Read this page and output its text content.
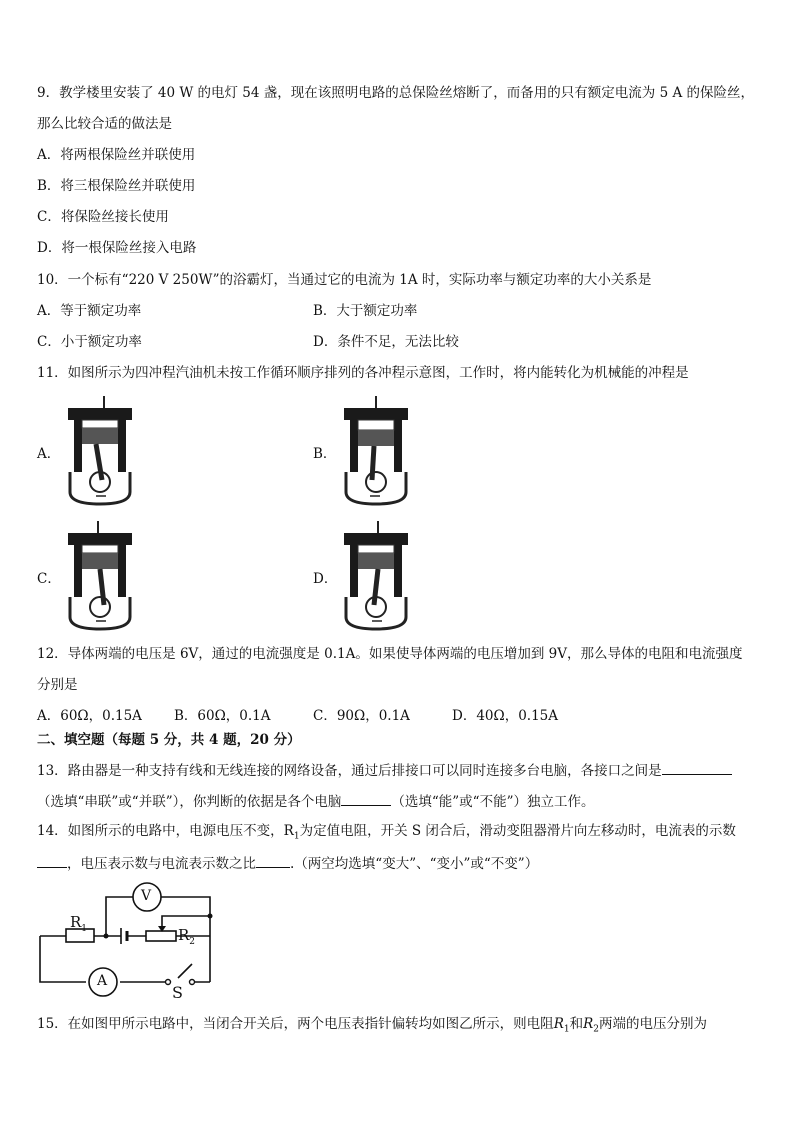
9．教学楼里安装了 40 W 的电灯 54 盏，现在该照明电路的总保险丝熔断了，而备用的只有额定电流为 5 A 的保险丝，
那么比较合适的做法是
A．将两根保险丝并联使用
B．将三根保险丝并联使用
C．将保险丝接长使用
D．将一根保险丝接入电路
10．一个标有“220 V 250W”的浴霸灯，当通过它的电流为 1A 时，实际功率与额定功率的大小关系是
A．等于额定功率	B．大于额定功率
C．小于额定功率	D．条件不足，无法比较
11．如图所示为四冲程汽油机未按工作循环顺序排列的各冲程示意图，工作时，将内能转化为机械能的冲程是
A．	B．
C．	D．
12．导体两端的电压是 6V，通过的电流强度是 0.1A。如果使导体两端的电压增加到 9V，那么导体的电阻和电流强度
分别是
A．60Ω，0.15A B．60Ω，0.1A	C．90Ω，0.1A	D．40Ω，0.15A
二、填空题（每题 5 分，共 4 题，20 分）
13．路由器是一种支持有线和无线连接的网络设备，通过后排接口可以同时连接多台电脑，各接口之间是
（选填“串联”或“并联”），你判断的依据是各个电脑	（选填“能”或“不能”）独立工作。
14．如图所示的电路中，电源电压不变，$R_1$为定值电阻，开关 S 闭合后，滑动变阻器滑片向左移动时，电流表的示数
，电压表示数与电流表示数之比	.（两空均选填“变大”、“变小”或“不变”）
V
A
$R_1$	$R_2$
S
15．在如图甲所示电路中，当闭合开关后，两个电压表指针偏转均如图乙所示，则电阻$R_1$和$R_2$两端的电压分别为
